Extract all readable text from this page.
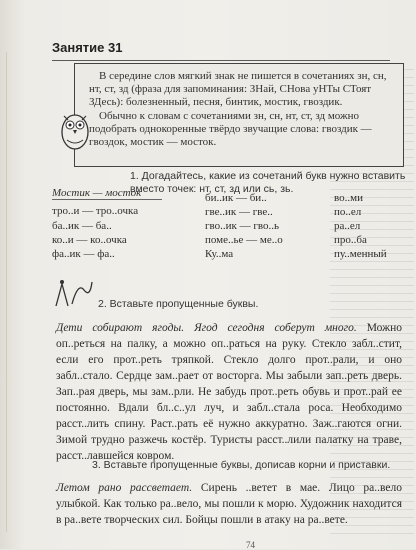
Занятие 31

В середине слов мягкий знак не пишется в сочетаниях зн, сн, нт, ст, зд (фраза для запоминания: ЗНай, СНова уНТы СТоят ЗДесь): болезненный, песня, бинтик, мостик, гвоздик.

Обычно к словам с сочетаниями зн, сн, нт, ст, зд можно подобрать однокоренные твёрдо звучащие слова: гвоздик — гвоздок, мостик — мосток.

1. Догадайтесь, какие из сочетаний букв нужно вставить вместо точек: нт, ст, зд или сь, зь.
Мостик — мосток
тро..и — тро..очка
ба..ик — ба..
ко..и — ко..очка
фа..ик — фа..
би..ик — би..
гве..ик — гве..
гво..ик — гво..ь
поме..ье — ме..о
Ку..ма
во..ми
по..ел
ра..ел
про..ба
пу..менный
2. Вставьте пропущенные буквы.
Дети собирают ягоды. Ягод сегодня соберут много. Можно оп..реться на палку, а можно оп..раться на руку. Стекло забл..стит, если его прот..реть тряпкой. Стекло долго прот..рали, и оно забл..стало. Сердце зам..рает от восторга. Мы забыли зап..реть дверь. Зап..рая дверь, мы зам..рли. Не забудь прот..реть обувь и прот..рай ее постоянно. Вдали бл..с..ул луч, и забл..стала роса. Необходимо расст..лить спину. Раст..рать её нужно аккуратно. Заж..гаются огни. Зимой трудно разжечь костёр. Туристы расст..лили палатку на траве, расст..лавшейся ковром.
3. Вставьте пропущенные буквы, дописав корни и приставки.
Летом рано рассветает. Сирень ..ветет в мае. Лицо ра..вело улыбкой. Как только ра..вело, мы пошли к морю. Художник находится в ра..вете творческих сил. Бойцы пошли в атаку на ра..вете.
74
